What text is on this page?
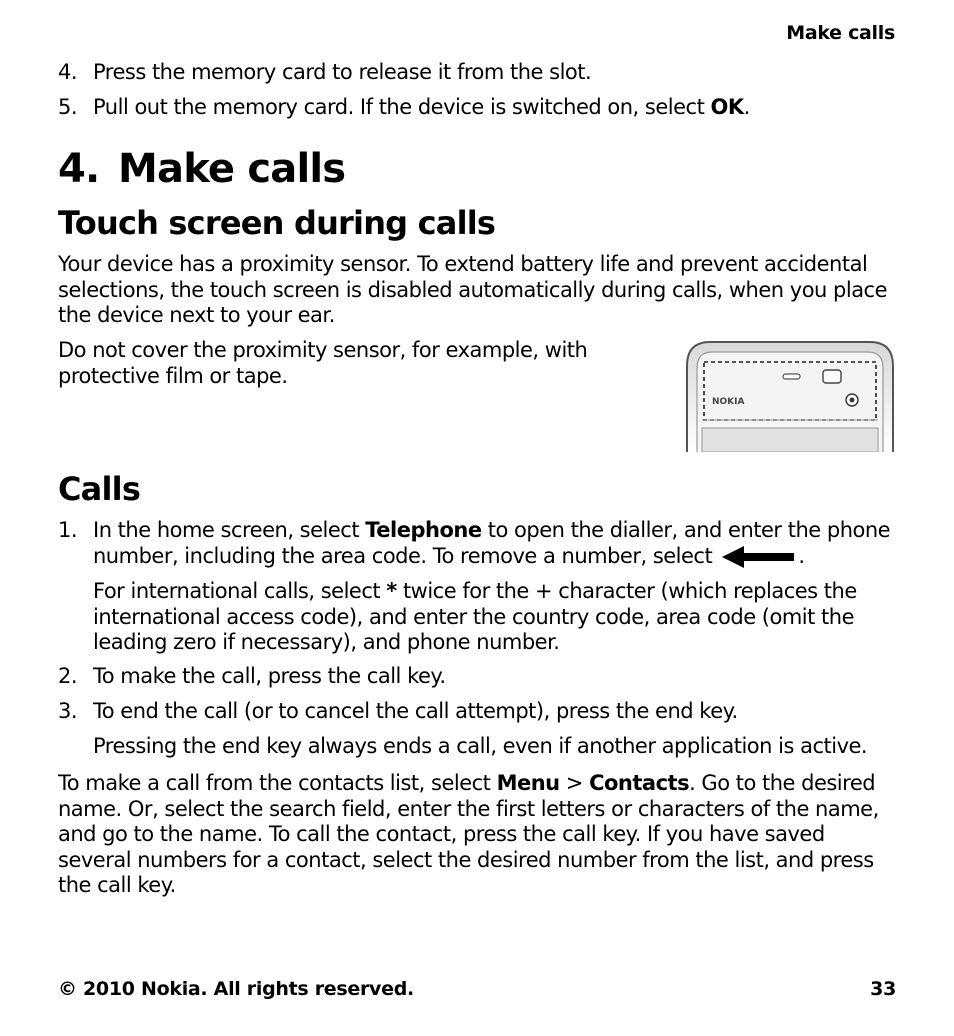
Make calls
4. Press the memory card to release it from the slot.
5. Pull out the memory card. If the device is switched on, select OK.
4. Make calls
Touch screen during calls
Your device has a proximity sensor. To extend battery life and prevent accidental selections, the touch screen is disabled automatically during calls, when you place the device next to your ear.
Do not cover the proximity sensor, for example, with protective film or tape.
NOKIA
Calls
1. In the home screen, select Telephone to open the dialler, and enter the phone number, including the area code. To remove a number, select	.
For international calls, select * twice for the + character (which replaces the international access code), and enter the country code, area code (omit the leading zero if necessary), and phone number.
2. To make the call, press the call key.
3. To end the call (or to cancel the call attempt), press the end key.
Pressing the end key always ends a call, even if another application is active.
To make a call from the contacts list, select Menu > Contacts. Go to the desired name. Or, select the search field, enter the first letters or characters of the name, and go to the name. To call the contact, press the call key. If you have saved several numbers for a contact, select the desired number from the list, and press the call key.
© 2010 Nokia. All rights reserved.	33
